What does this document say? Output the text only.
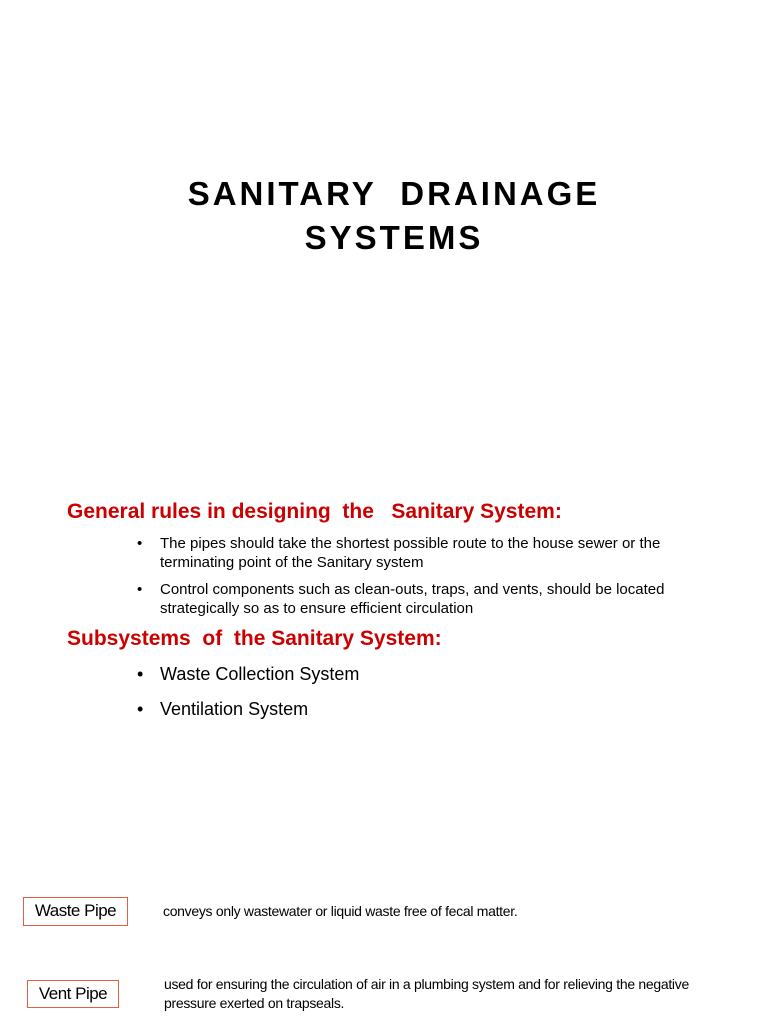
SANITARY DRAINAGE
SYSTEMS
General rules in designing  the   Sanitary System:
• The pipes should take the shortest possible route to the house sewer or the terminating point of the Sanitary system
• Control components such as clean-outs, traps, and vents, should be located strategically so as to ensure efficient circulation
Subsystems  of  the Sanitary System:
• Waste Collection System
• Ventilation System
Waste Pipe	conveys only wastewater or liquid waste free of fecal matter.
Vent Pipe	used for ensuring the circulation of air in a plumbing system and for relieving the negative pressure exerted on trapseals.
